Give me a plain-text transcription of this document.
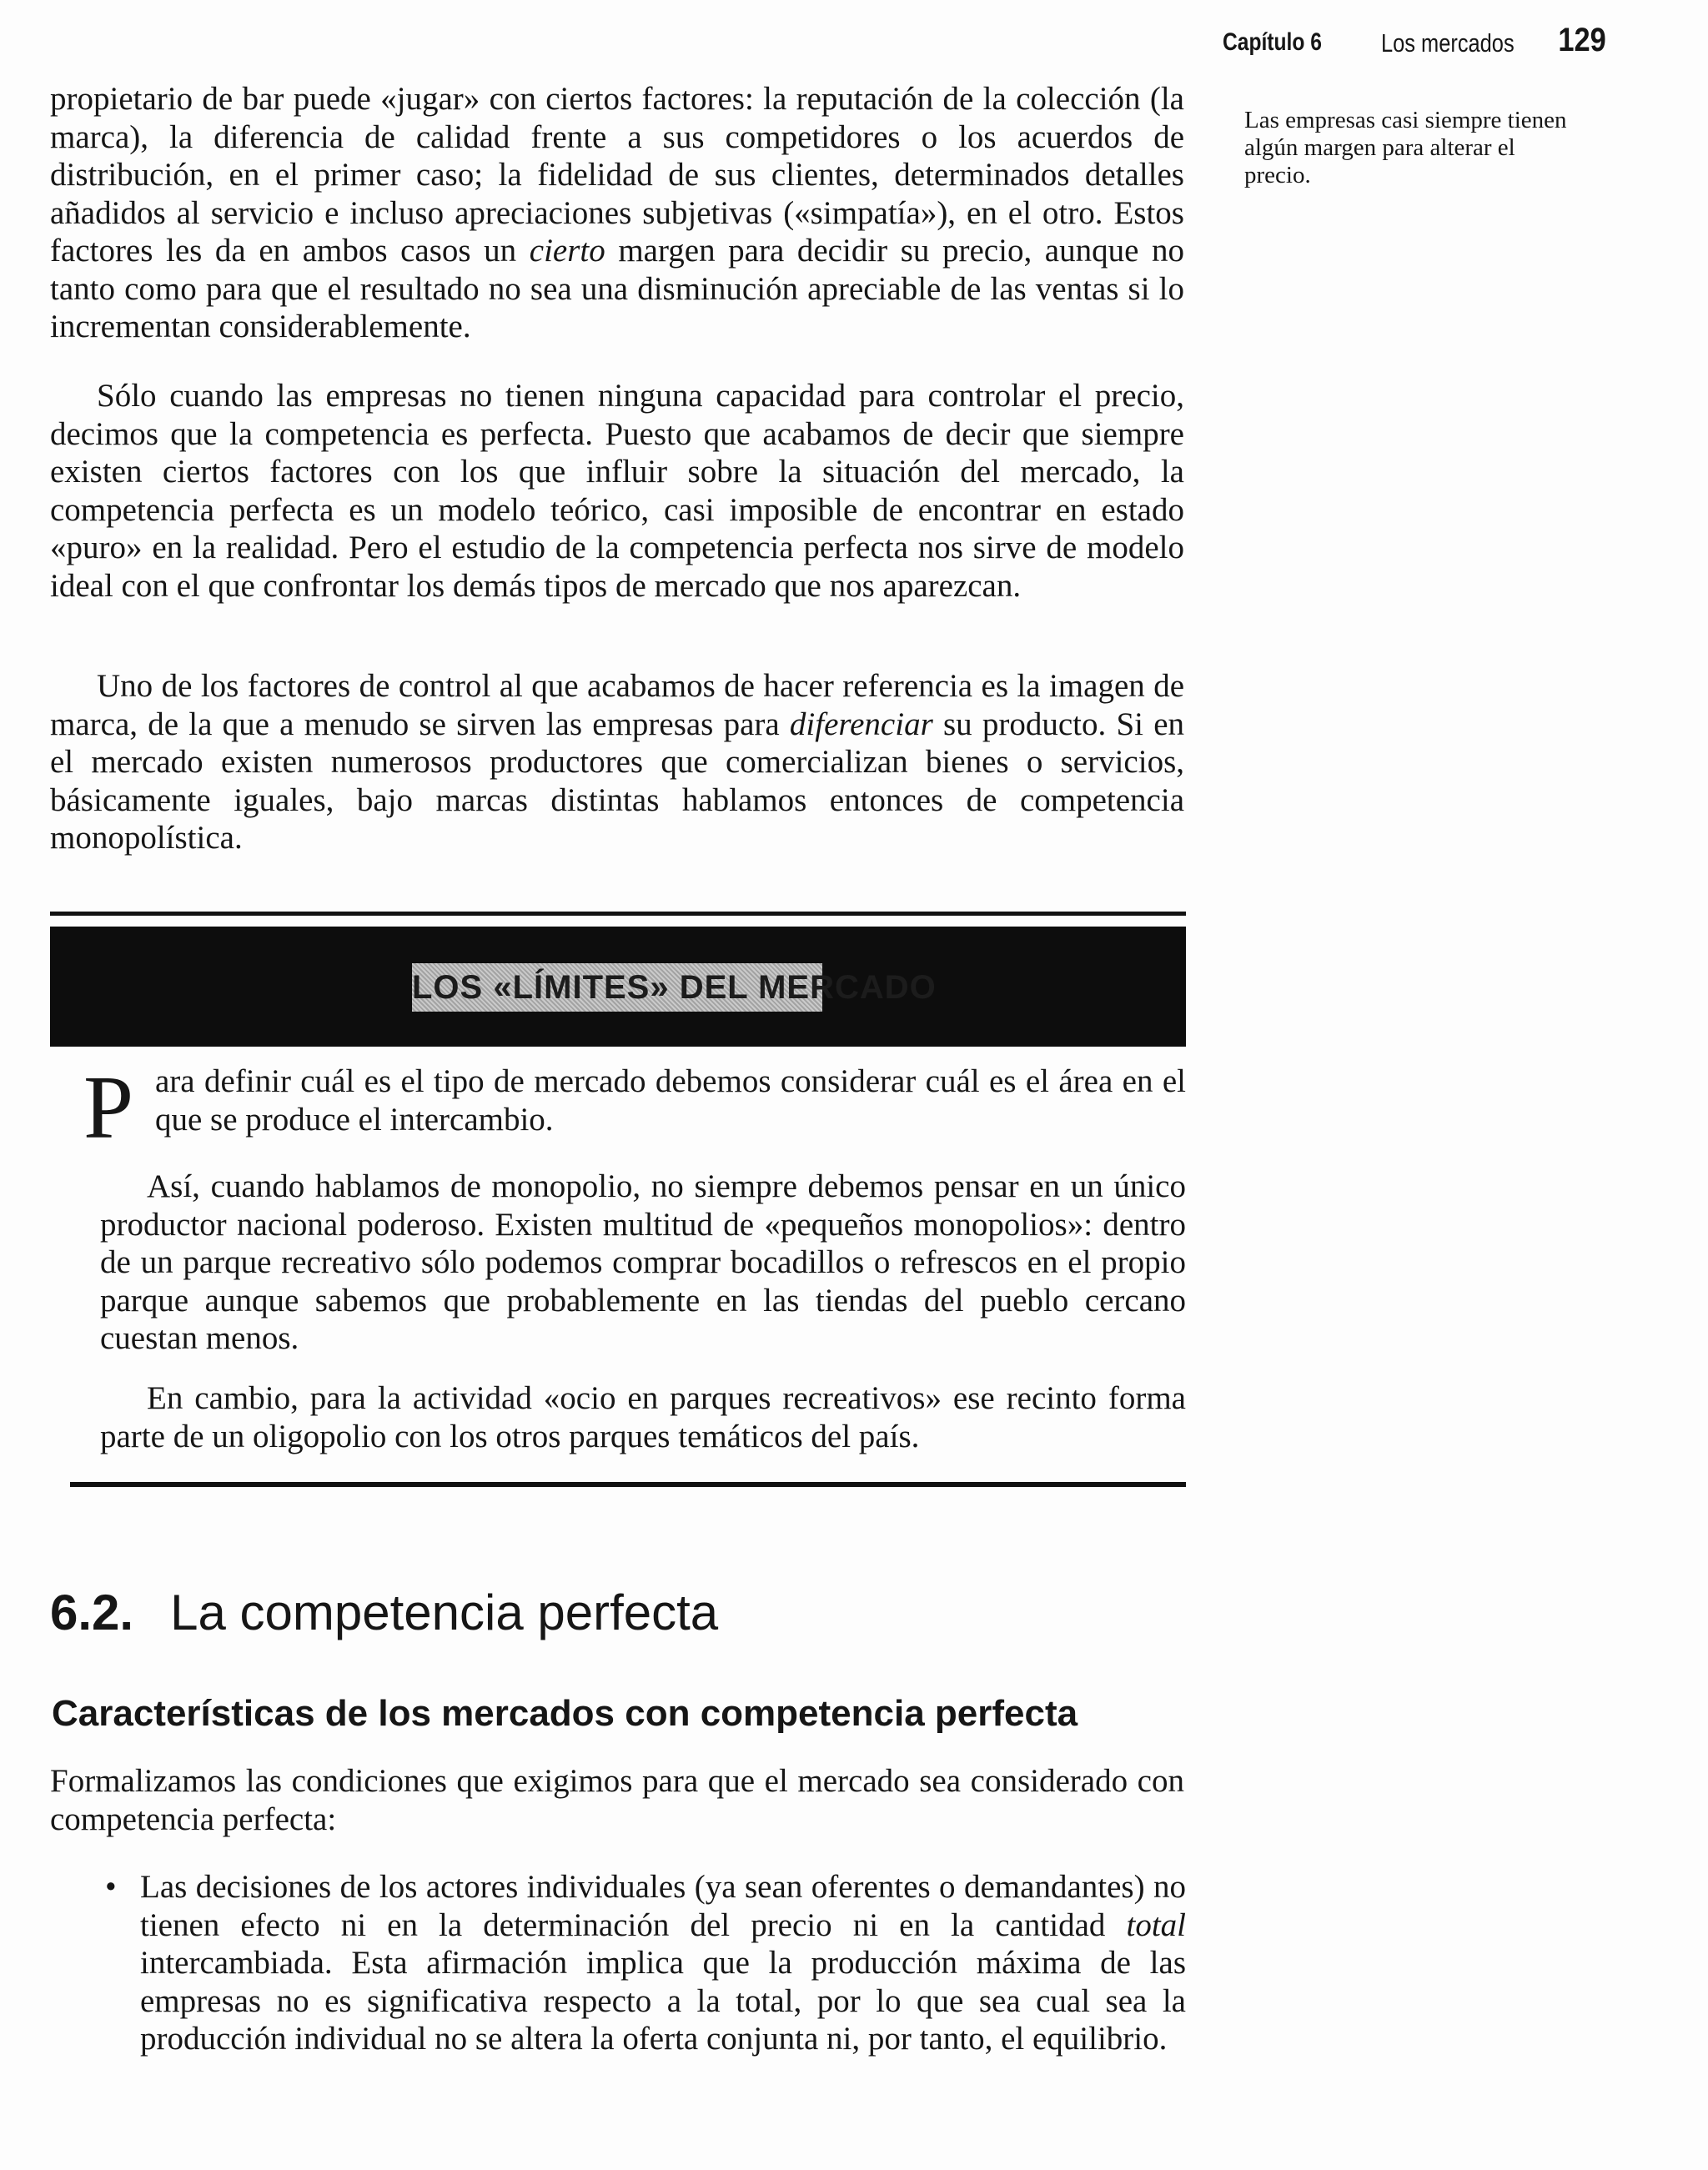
Capítulo 6 Los mercados 129
Las empresas casi siempre tienen algún margen para alterar el precio.

propietario de bar puede «jugar» con ciertos factores: la reputación de la colección (la marca), la diferencia de calidad frente a sus competidores o los acuerdos de distribución, en el primer caso; la fidelidad de sus clientes, determinados detalles añadidos al servicio e incluso apreciaciones subjetivas («simpatía»), en el otro. Estos factores les da en ambos casos un cierto margen para decidir su precio, aunque no tanto como para que el resultado no sea una disminución apreciable de las ventas si lo incrementan considerablemente.

Sólo cuando las empresas no tienen ninguna capacidad para controlar el precio, decimos que la competencia es perfecta. Puesto que acabamos de decir que siempre existen ciertos factores con los que influir sobre la situación del mercado, la competencia perfecta es un modelo teórico, casi imposible de encontrar en estado «puro» en la realidad. Pero el estudio de la competencia perfecta nos sirve de modelo ideal con el que confrontar los demás tipos de mercado que nos aparezcan.

Uno de los factores de control al que acabamos de hacer referencia es la imagen de marca, de la que a menudo se sirven las empresas para diferenciar su producto. Si en el mercado existen numerosos productores que comercializan bienes o servicios, básicamente iguales, bajo marcas distintas hablamos entonces de competencia monopolística.

LOS «LÍMITES» DEL MERCADO
P ara definir cuál es el tipo de mercado debemos considerar cuál es el área en el que se produce el intercambio.

Así, cuando hablamos de monopolio, no siempre debemos pensar en un único productor nacional poderoso. Existen multitud de «pequeños monopolios»: dentro de un parque recreativo sólo podemos comprar bocadillos o refrescos en el propio parque aunque sabemos que probablemente en las tiendas del pueblo cercano cuestan menos.

En cambio, para la actividad «ocio en parques recreativos» ese recinto forma parte de un oligopolio con los otros parques temáticos del país.

6.2. La competencia perfecta
Características de los mercados con competencia perfecta

Formalizamos las condiciones que exigimos para que el mercado sea considerado con competencia perfecta:

• Las decisiones de los actores individuales (ya sean oferentes o demandantes) no tienen efecto ni en la determinación del precio ni en la cantidad total intercambiada. Esta afirmación implica que la producción máxima de las empresas no es significativa respecto a la total, por lo que sea cual sea la producción individual no se altera la oferta conjunta ni, por tanto, el equilibrio.
